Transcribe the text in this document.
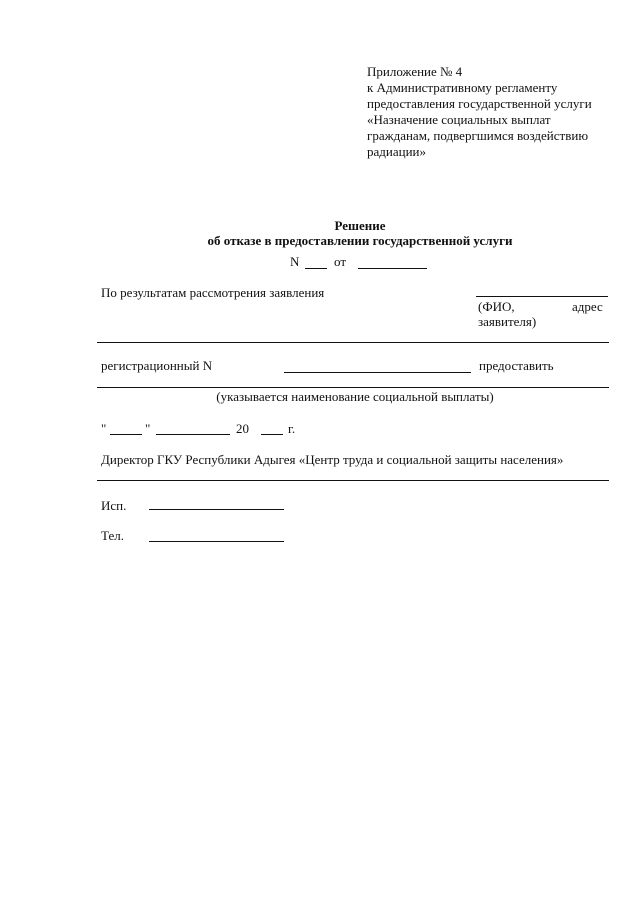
Приложение № 4
к Административному регламенту
предоставления государственной услуги
«Назначение социальных выплат
гражданам, подвергшимся воздействию
радиации»
Решение
об отказе в предоставлении государственной услуги
N	от
По результатам рассмотрения заявления
(ФИО,	адрес
заявителя)
регистрационный N	предоставить
(указывается наименование социальной выплаты)
"	"	20	г.
Директор ГКУ Республики Адыгея «Центр труда и социальной защиты населения»
Исп.
Тел.
